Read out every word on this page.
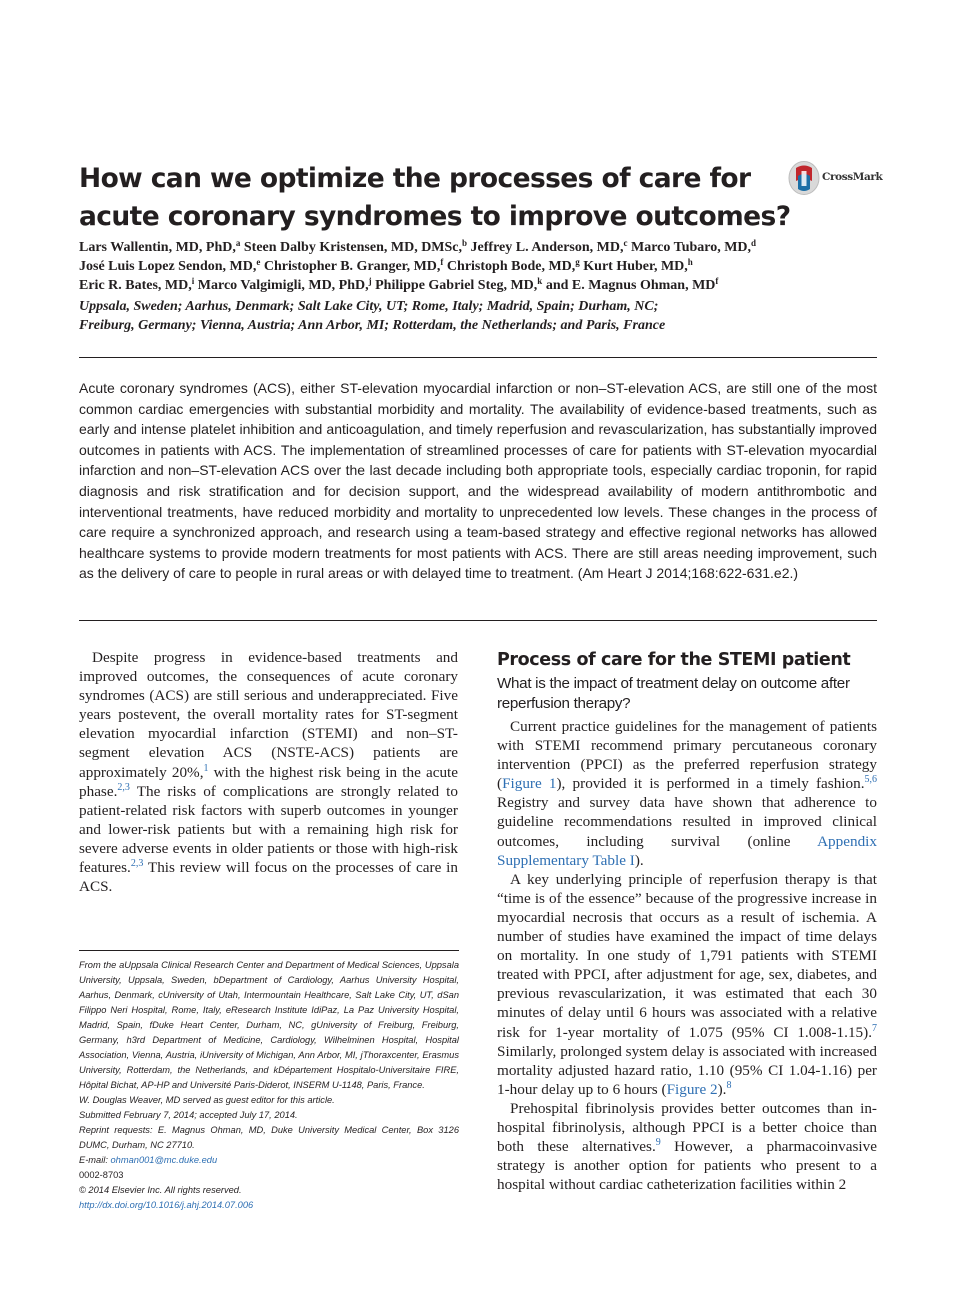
How can we optimize the processes of care for
acute coronary syndromes to improve outcomes?
CrossMark
Lars Wallentin, MD, PhD,$^a$ Steen Dalby Kristensen, MD, DMSc,$^b$ Jeffrey L. Anderson, MD,$^c$ Marco Tubaro, MD,$^d$
José Luis Lopez Sendon, MD,$^e$ Christopher B. Granger, MD,$^f$ Christoph Bode, MD,$^g$ Kurt Huber, MD,$^h$
Eric R. Bates, MD,$^i$ Marco Valgimigli, MD, PhD,$^j$ Philippe Gabriel Steg, MD,$^k$ and E. Magnus Ohman, $MD^f$
Uppsala, Sweden; Aarhus, Denmark; Salt Lake City, UT; Rome, Italy; Madrid, Spain; Durham, NC;
Freiburg, Germany; Vienna, Austria; Ann Arbor, MI; Rotterdam, the Netherlands; and Paris, France

Acute coronary syndromes (ACS), either ST-elevation myocardial infarction or non–ST-elevation ACS, are still one of the most common cardiac emergencies with substantial morbidity and mortality. The availability of evidence-based treatments, such as early and intense platelet inhibition and anticoagulation, and timely reperfusion and revascularization, has substantially improved outcomes in patients with ACS. The implementation of streamlined processes of care for patients with ST-elevation myocardial infarction and non–ST-elevation ACS over the last decade including both appropriate tools, especially cardiac troponin, for rapid diagnosis and risk stratification and for decision support, and the widespread availability of modern antithrombotic and interventional treatments, have reduced morbidity and mortality to unprecedented low levels. These changes in the process of care require a synchronized approach, and research using a team-based strategy and effective regional networks has allowed healthcare systems to provide modern treatments for most patients with ACS. There are still areas needing improvement, such as the delivery of care to people in rural areas or with delayed time to treatment. (Am Heart J 2014;168:622-631.e2.)

Despite progress in evidence-based treatments and improved outcomes, the consequences of acute coronary syndromes (ACS) are still serious and underappreciated. Five years postevent, the overall mortality rates for ST-segment elevation myocardial infarction (STEMI) and non–ST-segment elevation ACS (NSTE-ACS) patients are approximately 20%,$^1$ with the highest risk being in the acute phase.$^{2,3}$ The risks of complications are strongly related to patient-related risk factors with superb outcomes in younger and lower-risk patients but with a remaining high risk for severe adverse events in older patients or those with high-risk features.$^{2,3}$ This review will focus on the processes of care in ACS.

From the aUppsala Clinical Research Center and Department of Medical Sciences, Uppsala University, Uppsala, Sweden, bDepartment of Cardiology, Aarhus University Hospital, Aarhus, Denmark, cUniversity of Utah, Intermountain Healthcare, Salt Lake City, UT, dSan Filippo Neri Hospital, Rome, Italy, eResearch Institute IdiPaz, La Paz University Hospital, Madrid, Spain, fDuke Heart Center, Durham, NC, gUniversity of Freiburg, Freiburg, Germany, h3rd Department of Medicine, Cardiology, Wilhelminen Hospital, Hospital Association, Vienna, Austria, iUniversity of Michigan, Ann Arbor, MI, jThoraxcenter, Erasmus University, Rotterdam, the Netherlands, and kDépartement Hospitalo-Universitaire FIRE, Hôpital Bichat, AP-HP and Université Paris-Diderot, INSERM U-1148, Paris, France.

W. Douglas Weaver, MD served as guest editor for this article.

Submitted February 7, 2014; accepted July 17, 2014.

Reprint requests: E. Magnus Ohman, MD, Duke University Medical Center, Box 3126 DUMC, Durham, NC 27710.

E-mail: ohman001@mc.duke.edu

0002-8703

© 2014 Elsevier Inc. All rights reserved.

http://dx.doi.org/10.1016/j.ahj.2014.07.006

Process of care for the STEMI patient
What is the impact of treatment delay on outcome after reperfusion therapy?

Current practice guidelines for the management of patients with STEMI recommend primary percutaneous coronary intervention (PPCI) as the preferred reperfusion strategy (Figure 1), provided it is performed in a timely fashion.$^{5,6}$ Registry and survey data have shown that adherence to guideline recommendations resulted in improved clinical outcomes, including survival (online Appendix Supplementary Table I).

A key underlying principle of reperfusion therapy is that “time is of the essence” because of the progressive increase in myocardial necrosis that occurs as a result of ischemia. A number of studies have examined the impact of time delays on mortality. In one study of 1,791 patients with STEMI treated with PPCI, after adjustment for age, sex, diabetes, and previous revascularization, it was estimated that each 30 minutes of delay until 6 hours was associated with a relative risk for 1-year mortality of 1.075 (95% CI 1.008-1.15).$^7$ Similarly, prolonged system delay is associated with increased mortality adjusted hazard ratio, 1.10 (95% CI 1.04-1.16) per 1-hour delay up to 6 hours (Figure 2).$^8$

Prehospital fibrinolysis provides better outcomes than in-hospital fibrinolysis, although PPCI is a better choice than both these alternatives.$^9$ However, a pharmacoinvasive strategy is another option for patients who present to a hospital without cardiac catheterization facilities within 2
